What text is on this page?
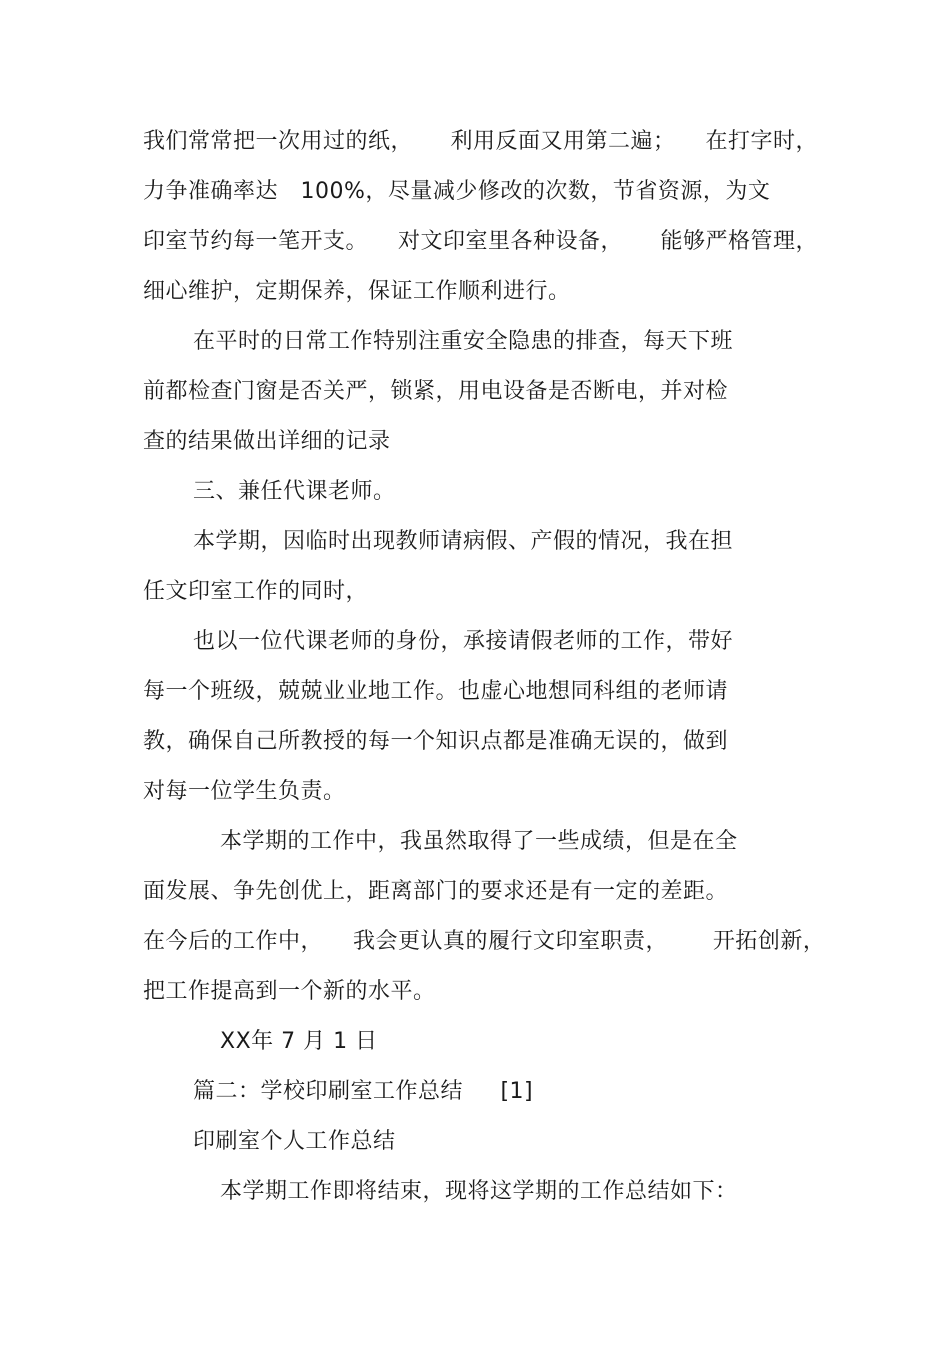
我们常常把一次用过的纸，     利用反面又用第二遍；    在打字时，
力争准确率达   100%，尽量减少修改的次数，节省资源，为文
印室节约每一笔开支。    对文印室里各种设备，     能够严格管理，
细心维护，定期保养，保证工作顺利进行。
在平时的日常工作特别注重安全隐患的排查，每天下班
前都检查门窗是否关严，锁紧，用电设备是否断电，并对检
查的结果做出详细的记录
三、兼任代课老师。
本学期，因临时出现教师请病假、产假的情况，我在担
任文印室工作的同时，
也以一位代课老师的身份，承接请假老师的工作，带好
每一个班级，兢兢业业地工作。也虚心地想同科组的老师请
教，确保自己所教授的每一个知识点都是准确无误的，做到
对每一位学生负责。
本学期的工作中，我虽然取得了一些成绩，但是在全
面发展、争先创优上，距离部门的要求还是有一定的差距。
在今后的工作中，    我会更认真的履行文印室职责，      开拓创新，
把工作提高到一个新的水平。
XX年 7 月 1 日
篇二：学校印刷室工作总结     [1]
印刷室个人工作总结
本学期工作即将结束，现将这学期的工作总结如下：
